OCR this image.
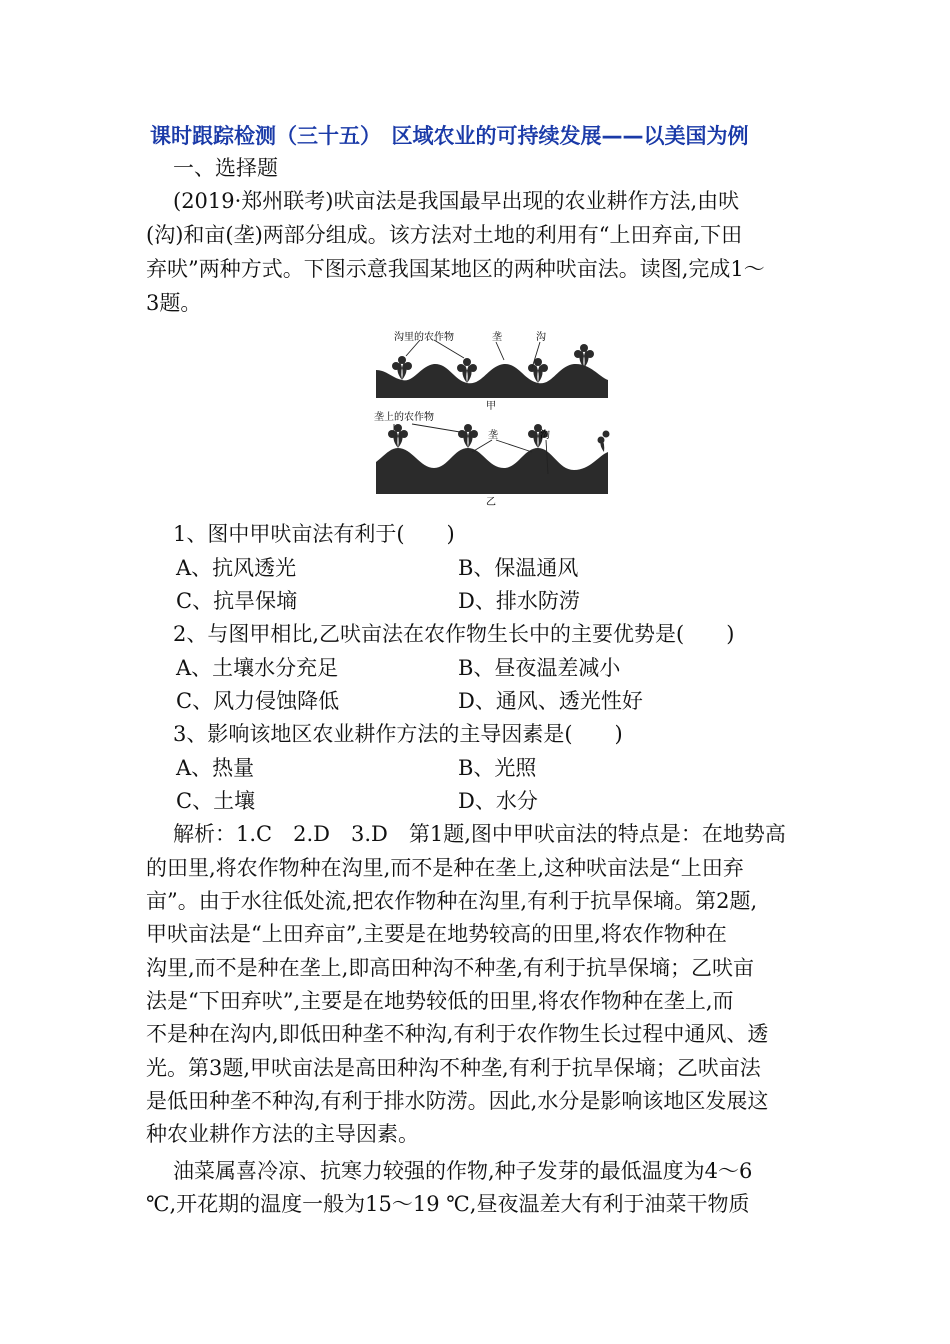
课时跟踪检测（三十五）　区域农业的可持续发展——以美国为例
一、选择题
(2019·郑州联考)吠亩法是我国最早出现的农业耕作方法,由吠
(沟)和亩(垄)两部分组成。该方法对土地的利用有“上田弃亩,下田
弃吠”两种方式。下图示意我国某地区的两种吠亩法。读图,完成1～
3题。
沟里的农作物	垄	沟
甲
垄上的农作物
垄	沟
乙
1、图中甲吠亩法有利于(　　)
A、抗风透光	B、保温通风
C、抗旱保墒	D、排水防涝
2、与图甲相比,乙吠亩法在农作物生长中的主要优势是(　　)
A、土壤水分充足	B、昼夜温差减小
C、风力侵蚀降低	D、通风、透光性好
3、影响该地区农业耕作方法的主导因素是(　　)
A、热量	B、光照
C、土壤	D、水分
解析：1.C　2.D　3.D　第1题,图中甲吠亩法的特点是：在地势高
的田里,将农作物种在沟里,而不是种在垄上,这种吠亩法是“上田弃
亩”。由于水往低处流,把农作物种在沟里,有利于抗旱保墒。第2题,
甲吠亩法是“上田弃亩”,主要是在地势较高的田里,将农作物种在
沟里,而不是种在垄上,即高田种沟不种垄,有利于抗旱保墒；乙吠亩
法是“下田弃吠”,主要是在地势较低的田里,将农作物种在垄上,而
不是种在沟内,即低田种垄不种沟,有利于农作物生长过程中通风、透
光。第3题,甲吠亩法是高田种沟不种垄,有利于抗旱保墒；乙吠亩法
是低田种垄不种沟,有利于排水防涝。因此,水分是影响该地区发展这
种农业耕作方法的主导因素。
油菜属喜冷凉、抗寒力较强的作物,种子发芽的最低温度为4～6
℃,开花期的温度一般为15～19 ℃,昼夜温差大有利于油菜干物质
